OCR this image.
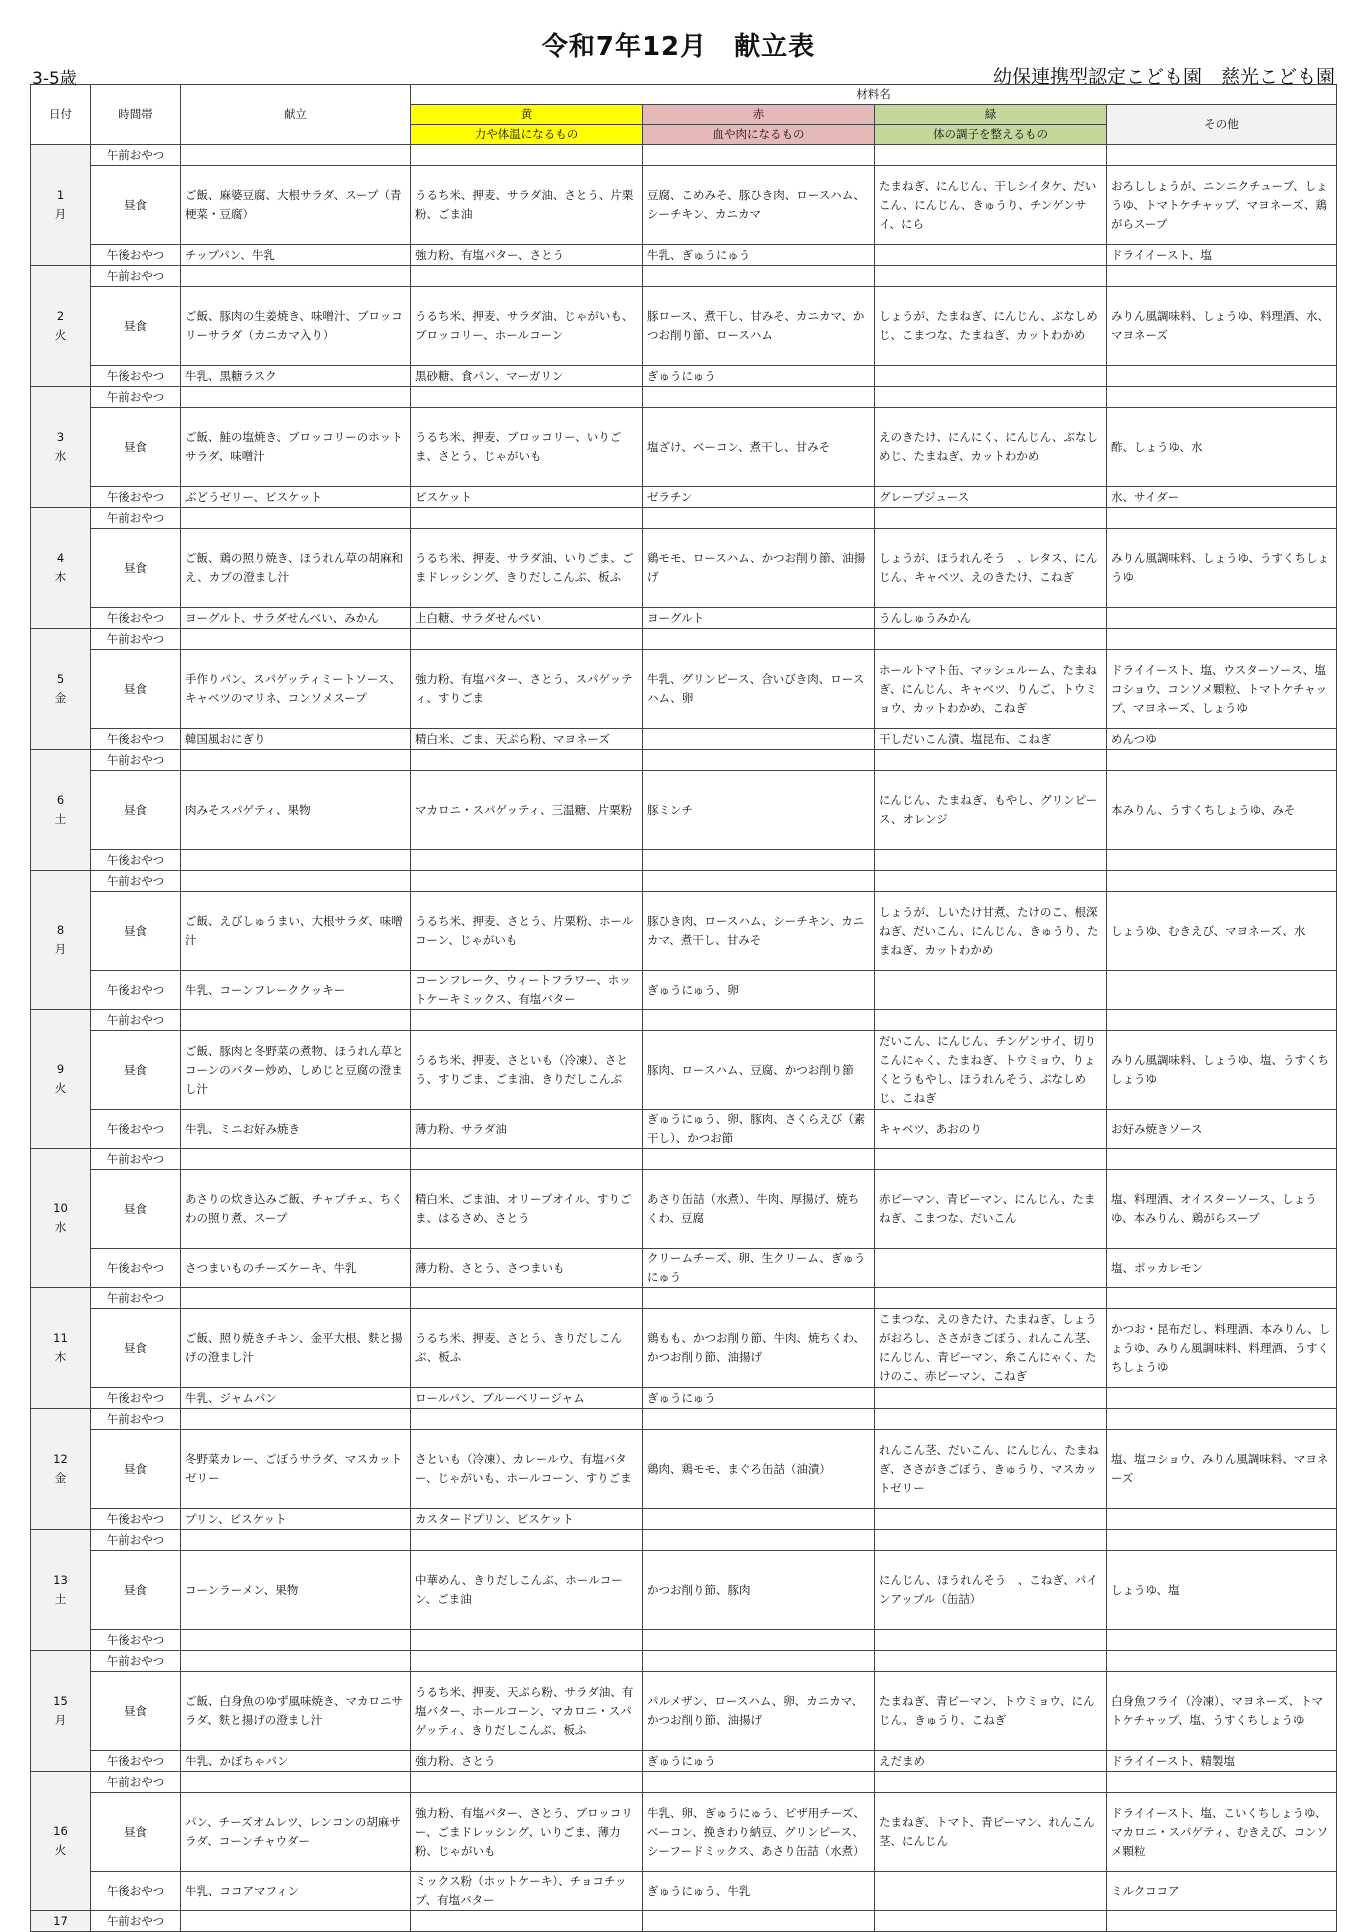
令和7年12月　献立表
3-5歳	幼保連携型認定こども園　慈光こども園
日付	時間帯	献立	材料名			
			黄	赤	緑	その他
			力や体温になるもの	血や肉になるもの	体の調子を整えるもの	

1
月	午前おやつ					
	昼食	ご飯、麻婆豆腐、大根サラダ、スープ（青梗菜・豆腐）	うるち米、押麦、サラダ油、さとう、片栗粉、ごま油	豆腐、こめみそ、豚ひき肉、ロースハム、シーチキン、カニカマ	たまねぎ、にんじん、干しシイタケ、だいこん、にんじん、きゅうり、チンゲンサイ、にら	おろししょうが、ニンニクチューブ、しょうゆ、トマトケチャップ、マヨネーズ、鶏がらスープ
	午後おやつ	チップパン、牛乳	強力粉、有塩バター、さとう	牛乳、ぎゅうにゅう		ドライイースト、塩

2
火	午前おやつ					
	昼食	ご飯、豚肉の生姜焼き、味噌汁、ブロッコリーサラダ（カニカマ入り）	うるち米、押麦、サラダ油、じゃがいも、ブロッコリー、ホールコーン	豚ロース、煮干し、甘みそ、カニカマ、かつお削り節、ロースハム	しょうが、たまねぎ、にんじん、ぶなしめじ、こまつな、たまねぎ、カットわかめ	みりん風調味料、しょうゆ、料理酒、水、マヨネーズ
	午後おやつ	牛乳、黒糖ラスク	黒砂糖、食パン、マーガリン	ぎゅうにゅう		

3
水	午前おやつ					
	昼食	ご飯、鮭の塩焼き、ブロッコリーのホットサラダ、味噌汁	うるち米、押麦、ブロッコリー、いりごま、さとう、じゃがいも	塩ざけ、ベーコン、煮干し、甘みそ	えのきたけ、にんにく、にんじん、ぶなしめじ、たまねぎ、カットわかめ	酢、しょうゆ、水
	午後おやつ	ぶどうゼリー、ビスケット	ビスケット	ゼラチン	グレープジュース	水、サイダー

4
木	午前おやつ					
	昼食	ご飯、鶏の照り焼き、ほうれん草の胡麻和え、カブの澄まし汁	うるち米、押麦、サラダ油、いりごま、ごまドレッシング、きりだしこんぶ、板ふ	鶏モモ、ロースハム、かつお削り節、油揚げ	しょうが、ほうれんそう　、レタス、にんじん、キャベツ、えのきたけ、こねぎ	みりん風調味料、しょうゆ、うすくちしょうゆ
	午後おやつ	ヨーグルト、サラダせんべい、みかん	上白糖、サラダせんべい	ヨーグルト	うんしゅうみかん	

5
金	午前おやつ					
	昼食	手作りパン、スパゲッティミートソース、キャベツのマリネ、コンソメスープ	強力粉、有塩バター、さとう、スパゲッティ、すりごま	牛乳、グリンピース、合いびき肉、ロースハム、卵	ホールトマト缶、マッシュルーム、たまねぎ、にんじん、キャベツ、りんご、トウミョウ、カットわかめ、こねぎ	ドライイースト、塩、ウスターソース、塩コショウ、コンソメ顆粒、トマトケチャップ、マヨネーズ、しょうゆ
	午後おやつ	韓国風おにぎり	精白米、ごま、天ぷら粉、マヨネーズ		干しだいこん漬、塩昆布、こねぎ	めんつゆ

6
土	午前おやつ					
	昼食	肉みそスパゲティ、果物	マカロニ・スパゲッティ、三温糖、片栗粉	豚ミンチ	にんじん、たまねぎ、もやし、グリンピース、オレンジ	本みりん、うすくちしょうゆ、みそ
	午後おやつ					

8
月	午前おやつ					
	昼食	ご飯、えびしゅうまい、大根サラダ、味噌汁	うるち米、押麦、さとう、片栗粉、ホールコーン、じゃがいも	豚ひき肉、ロースハム、シーチキン、カニカマ、煮干し、甘みそ	しょうが、しいたけ甘煮、たけのこ、根深ねぎ、だいこん、にんじん、きゅうり、たまねぎ、カットわかめ	しょうゆ、むきえび、マヨネーズ、水
	午後おやつ	牛乳、コーンフレーククッキー	コーンフレーク、ウィートフラワー、ホットケーキミックス、有塩バター	ぎゅうにゅう、卵		

9
火	午前おやつ					
	昼食	ご飯、豚肉と冬野菜の煮物、ほうれん草とコーンのバター炒め、しめじと豆腐の澄まし汁	うるち米、押麦、さといも（冷凍）、さとう、すりごま、ごま油、きりだしこんぶ	豚肉、ロースハム、豆腐、かつお削り節	だいこん、にんじん、チンゲンサイ、切りこんにゃく、たまねぎ、トウミョウ、りょくとうもやし、ほうれんそう、ぶなしめじ、こねぎ	みりん風調味料、しょうゆ、塩、うすくちしょうゆ
	午後おやつ	牛乳、ミニお好み焼き	薄力粉、サラダ油	ぎゅうにゅう、卵、豚肉、さくらえび（素干し）、かつお節	キャベツ、あおのり	お好み焼きソース

10
水	午前おやつ					
	昼食	あさりの炊き込みご飯、チャプチェ、ちくわの照り煮、スープ	精白米、ごま油、オリーブオイル、すりごま、はるさめ、さとう	あさり缶詰（水煮）、牛肉、厚揚げ、焼ちくわ、豆腐	赤ピーマン、青ピーマン、にんじん、たまねぎ、こまつな、だいこん	塩、料理酒、オイスターソース、しょうゆ、本みりん、鶏がらスープ
	午後おやつ	さつまいものチーズケーキ、牛乳	薄力粉、さとう、さつまいも	クリームチーズ、卵、生クリーム、ぎゅうにゅう		塩、ポッカレモン

11
木	午前おやつ					
	昼食	ご飯、照り焼きチキン、金平大根、麩と揚げの澄まし汁	うるち米、押麦、さとう、きりだしこんぶ、板ふ	鶏もも、かつお削り節、牛肉、焼ちくわ、かつお削り節、油揚げ	こまつな、えのきたけ、たまねぎ、しょうがおろし、ささがきごぼう、れんこん茎、にんじん、青ピーマン、糸こんにゃく、たけのこ、赤ピーマン、こねぎ	かつお・昆布だし、料理酒、本みりん、しょうゆ、みりん風調味料、料理酒、うすくちしょうゆ
	午後おやつ	牛乳、ジャムパン	ロールパン、ブルーベリージャム	ぎゅうにゅう		

12
金	午前おやつ					
	昼食	冬野菜カレー、ごぼうサラダ、マスカットゼリー	さといも（冷凍）、カレールウ、有塩バター、じゃがいも、ホールコーン、すりごま	鶏肉、鶏モモ、まぐろ缶詰（油漬）	れんこん茎、だいこん、にんじん、たまねぎ、ささがきごぼう、きゅうり、マスカットゼリー	塩、塩コショウ、みりん風調味料、マヨネーズ
	午後おやつ	プリン、ビスケット	カスタードプリン、ビスケット			

13
土	午前おやつ					
	昼食	コーンラーメン、果物	中華めん、きりだしこんぶ、ホールコーン、ごま油	かつお削り節、豚肉	にんじん、ほうれんそう　、こねぎ、パインアップル（缶詰）	しょうゆ、塩
	午後おやつ					

15
月	午前おやつ					
	昼食	ご飯、白身魚のゆず風味焼き、マカロニサラダ、麩と揚げの澄まし汁	うるち米、押麦、天ぷら粉、サラダ油、有塩バター、ホールコーン、マカロニ・スパゲッティ、きりだしこんぶ、板ふ	パルメザン、ロースハム、卵、カニカマ、かつお削り節、油揚げ	たまねぎ、青ピーマン、トウミョウ、にんじん、きゅうり、こねぎ	白身魚フライ（冷凍）、マヨネーズ、トマトケチャップ、塩、うすくちしょうゆ
	午後おやつ	牛乳、かぼちゃパン	強力粉、さとう	ぎゅうにゅう	えだまめ	ドライイースト、精製塩

16
火	午前おやつ					
	昼食	パン、チーズオムレツ、レンコンの胡麻サラダ、コーンチャウダー	強力粉、有塩バター、さとう、ブロッコリー、ごまドレッシング、いりごま、薄力粉、じゃがいも	牛乳、卵、ぎゅうにゅう、ピザ用チーズ、ベーコン、挽きわり納豆、グリンピース、シーフードミックス、あさり缶詰（水煮）	たまねぎ、トマト、青ピーマン、れんこん茎、にんじん	ドライイースト、塩、こいくちしょうゆ、マカロニ・スパゲティ、むきえび、コンソメ顆粒
	午後おやつ	牛乳、ココアマフィン	ミックス粉（ホットケーキ）、チョコチップ、有塩バター	ぎゅうにゅう、牛乳		ミルクココア
17	午前おやつ					
